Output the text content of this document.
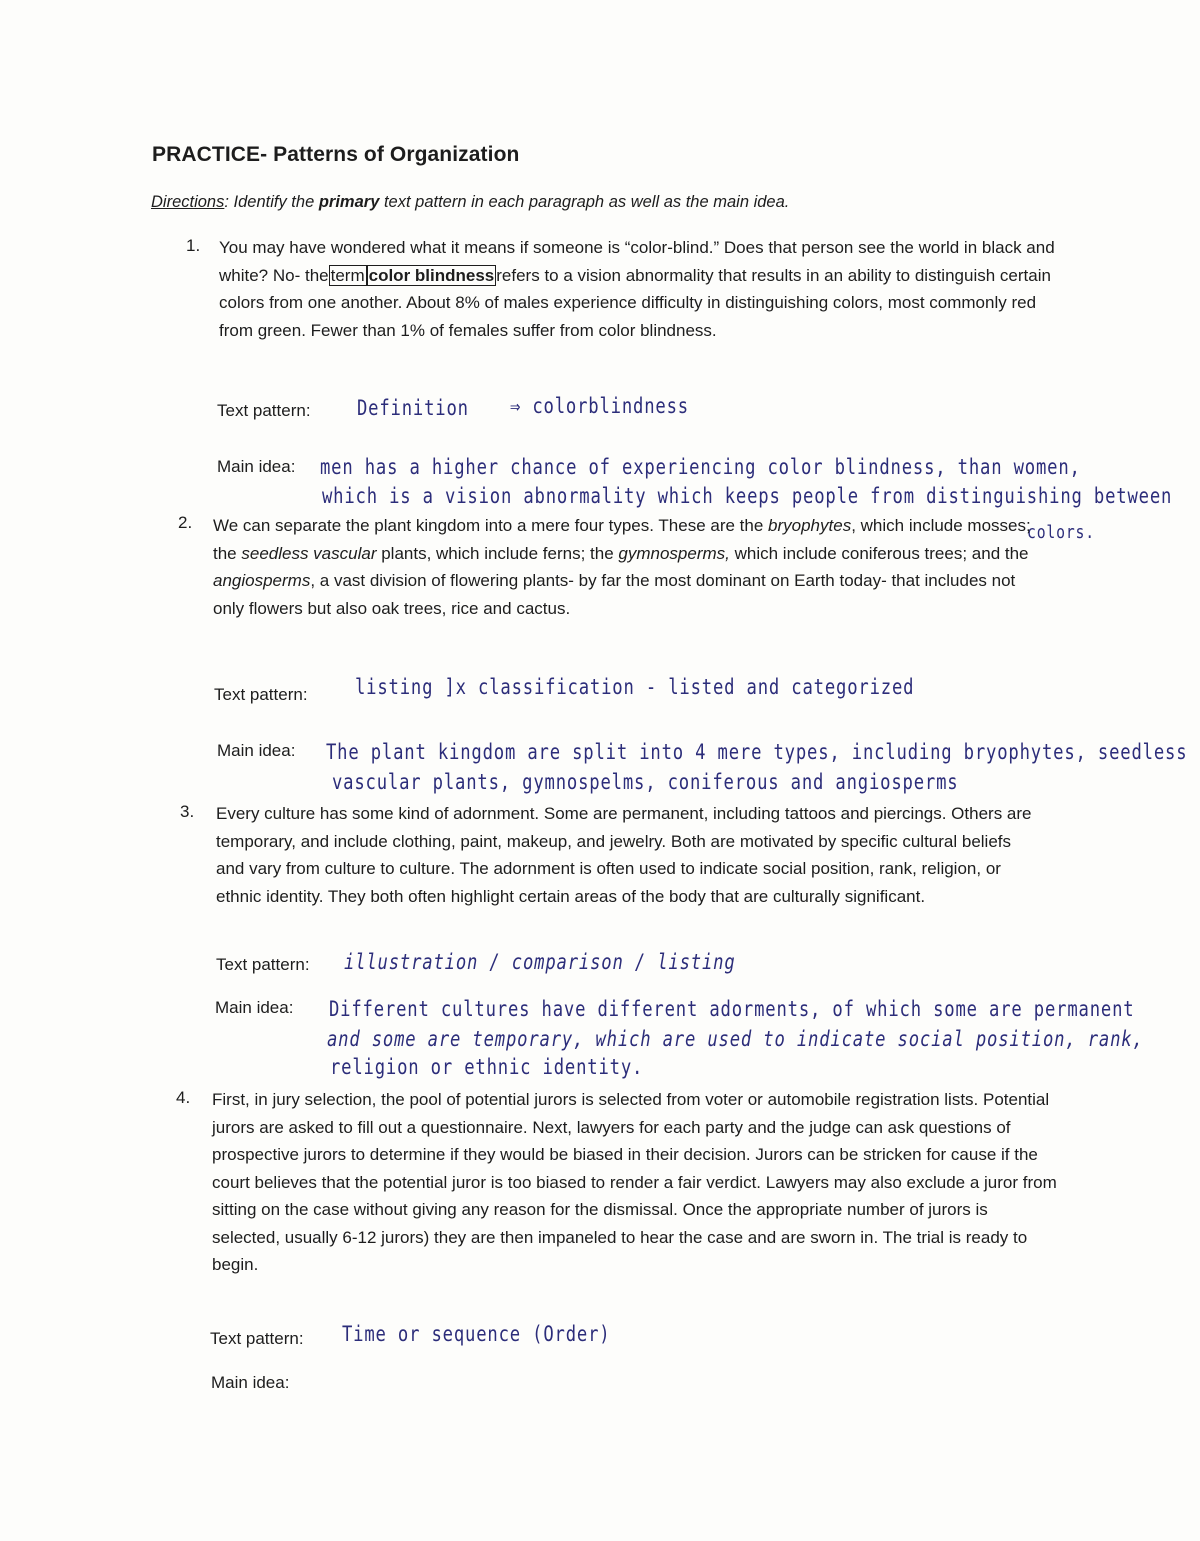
PRACTICE- Patterns of Organization
Directions: Identify the primary text pattern in each paragraph as well as the main idea.
1. You may have wondered what it means if someone is “color-blind.” Does that person see the world in black and white? No- the term color blindness refers to a vision abnormality that results in an ability to distinguish certain colors from one another. About 8% of males experience difficulty in distinguishing colors, most commonly red from green. Fewer than 1% of females suffer from color blindness.

Text pattern: Definition ⇒ colorblindness
Main idea: men has a higher chance of experiencing color blindness, than women,
which is a vision abnormality which keeps people from distinguishing between
colors.
2. We can separate the plant kingdom into a mere four types. These are the bryophytes, which include mosses; the seedless vascular plants, which include ferns; the gymnosperms, which include coniferous trees; and the angiosperms, a vast division of flowering plants- by far the most dominant on Earth today- that includes not only flowers but also oak trees, rice and cactus.

Text pattern: listing ]x classification - listed and categorized
Main idea: The plant kingdom are split into 4 mere types, including bryophytes, seedless
vascular plants, gymnospelms, coniferous and angiosperms
3. Every culture has some kind of adornment. Some are permanent, including tattoos and piercings. Others are temporary, and include clothing, paint, makeup, and jewelry. Both are motivated by specific cultural beliefs and vary from culture to culture. The adornment is often used to indicate social position, rank, religion, or ethnic identity. They both often highlight certain areas of the body that are culturally significant.

Text pattern: illustration / comparison / listing
Main idea: Different cultures have different adorments, of which some are permanent
and some are temporary, which are used to indicate social position, rank,
religion or ethnic identity.
4. First, in jury selection, the pool of potential jurors is selected from voter or automobile registration lists. Potential jurors are asked to fill out a questionnaire. Next, lawyers for each party and the judge can ask questions of prospective jurors to determine if they would be biased in their decision. Jurors can be stricken for cause if the court believes that the potential juror is too biased to render a fair verdict. Lawyers may also exclude a juror from sitting on the case without giving any reason for the dismissal. Once the appropriate number of jurors is selected, usually 6-12 jurors) they are then impaneled to hear the case and are sworn in. The trial is ready to begin.

Text pattern: Time or sequence (Order)
Main idea:
